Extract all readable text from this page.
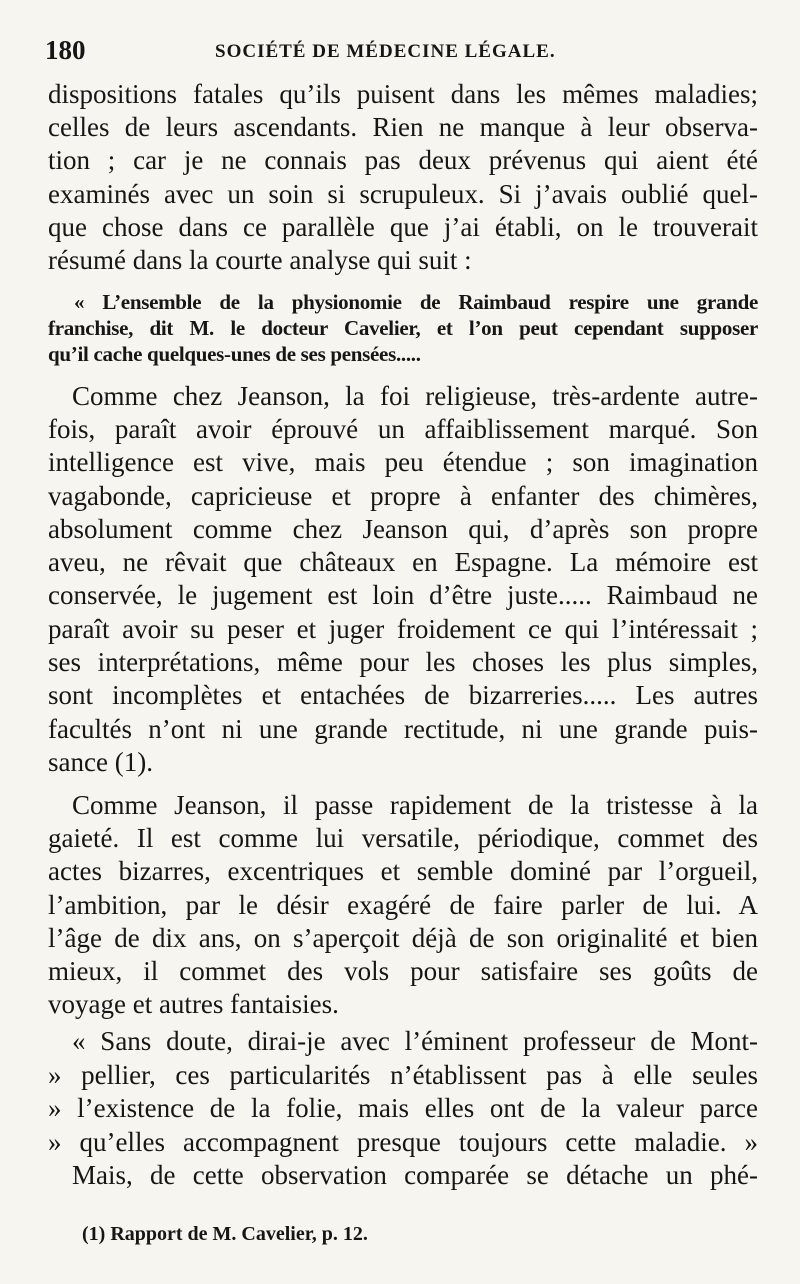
180	SOCIÉTÉ DE MÉDECINE LÉGALE.
dispositions fatales qu’ils puisent dans les mêmes maladies;
celles de leurs ascendants. Rien ne manque à leur observa-
tion ; car je ne connais pas deux prévenus qui aient été
examinés avec un soin si scrupuleux. Si j’avais oublié quel-
que chose dans ce parallèle que j’ai établi, on le trouverait
résumé dans la courte analyse qui suit :
« L’ensemble de la physionomie de Raimbaud respire une grande
franchise, dit M. le docteur Cavelier, et l’on peut cependant supposer
qu’il cache quelques-unes de ses pensées.....
Comme chez Jeanson, la foi religieuse, très-ardente autre-
fois, paraît avoir éprouvé un affaiblissement marqué. Son
intelligence est vive, mais peu étendue ; son imagination
vagabonde, capricieuse et propre à enfanter des chimères,
absolument comme chez Jeanson qui, d’après son propre
aveu, ne rêvait que châteaux en Espagne. La mémoire est
conservée, le jugement est loin d’être juste..... Raimbaud ne
paraît avoir su peser et juger froidement ce qui l’intéressait ;
ses interprétations, même pour les choses les plus simples,
sont incomplètes et entachées de bizarreries..... Les autres
facultés n’ont ni une grande rectitude, ni une grande puis-
sance (1).
Comme Jeanson, il passe rapidement de la tristesse à la
gaieté. Il est comme lui versatile, périodique, commet des
actes bizarres, excentriques et semble dominé par l’orgueil,
l’ambition, par le désir exagéré de faire parler de lui. A
l’âge de dix ans, on s’aperçoit déjà de son originalité et bien
mieux, il commet des vols pour satisfaire ses goûts de
voyage et autres fantaisies.
« Sans doute, dirai-je avec l’éminent professeur de Mont-
» pellier, ces particularités n’établissent pas à elle seules
» l’existence de la folie, mais elles ont de la valeur parce
» qu’elles accompagnent presque toujours cette maladie. »
Mais, de cette observation comparée se détache un phé-
(1) Rapport de M. Cavelier, p. 12.
